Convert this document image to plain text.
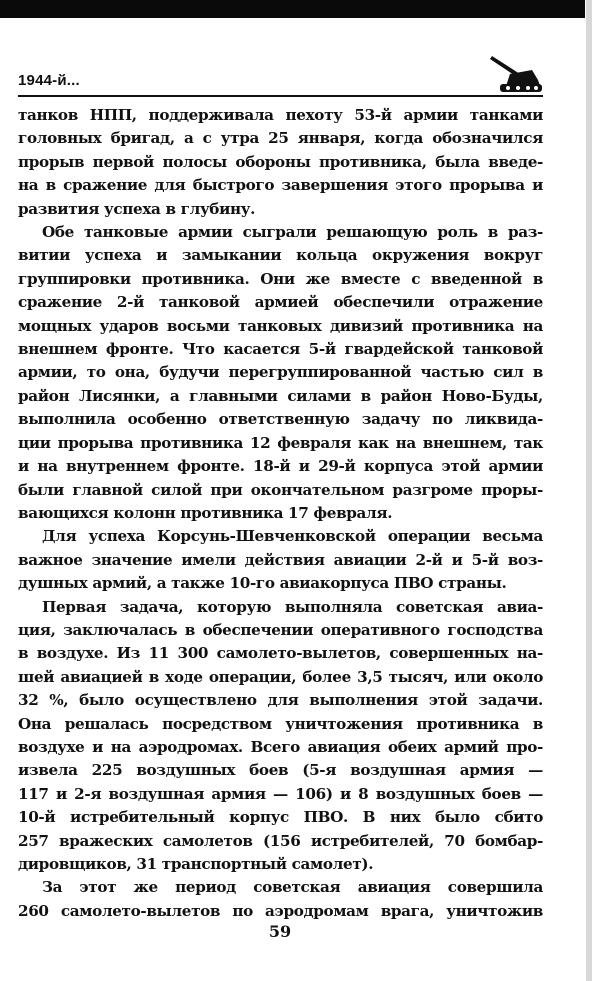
1944-й...
танков НПП, поддерживала пехоту 53-й армии танками
головных бригад, а с утра 25 января, когда обозначился
прорыв первой полосы обороны противника, была введе-
на в сражение для быстрого завершения этого прорыва и
развития успеха в глубину.
Обе танковые армии сыграли решающую роль в раз-
витии успеха и замыкании кольца окружения вокруг
группировки противника. Они же вместе с введенной в
сражение 2-й танковой армией обеспечили отражение
мощных ударов восьми танковых дивизий противника на
внешнем фронте. Что касается 5-й гвардейской танковой
армии, то она, будучи перегруппированной частью сил в
район Лисянки, а главными силами в район Ново-Буды,
выполнила особенно ответственную задачу по ликвида-
ции прорыва противника 12 февраля как на внешнем, так
и на внутреннем фронте. 18-й и 29-й корпуса этой армии
были главной силой при окончательном разгроме проры-
вающихся колонн противника 17 февраля.
Для успеха Корсунь-Шевченковской операции весьма
важное значение имели действия авиации 2-й и 5-й воз-
душных армий, а также 10-го авиакорпуса ПВО страны.
Первая задача, которую выполняла советская авиа-
ция, заключалась в обеспечении оперативного господства
в воздухе. Из 11 300 самолето-вылетов, совершенных на-
шей авиацией в ходе операции, более 3,5 тысяч, или около
32 %, было осуществлено для выполнения этой задачи.
Она решалась посредством уничтожения противника в
воздухе и на аэродромах. Всего авиация обеих армий про-
извела 225 воздушных боев (5-я воздушная армия —
117 и 2-я воздушная армия — 106) и 8 воздушных боев —
10-й истребительный корпус ПВО. В них было сбито
257 вражеских самолетов (156 истребителей, 70 бомбар-
дировщиков, 31 транспортный самолет).
За этот же период советская авиация совершила
260 самолето-вылетов по аэродромам врага, уничтожив
59
